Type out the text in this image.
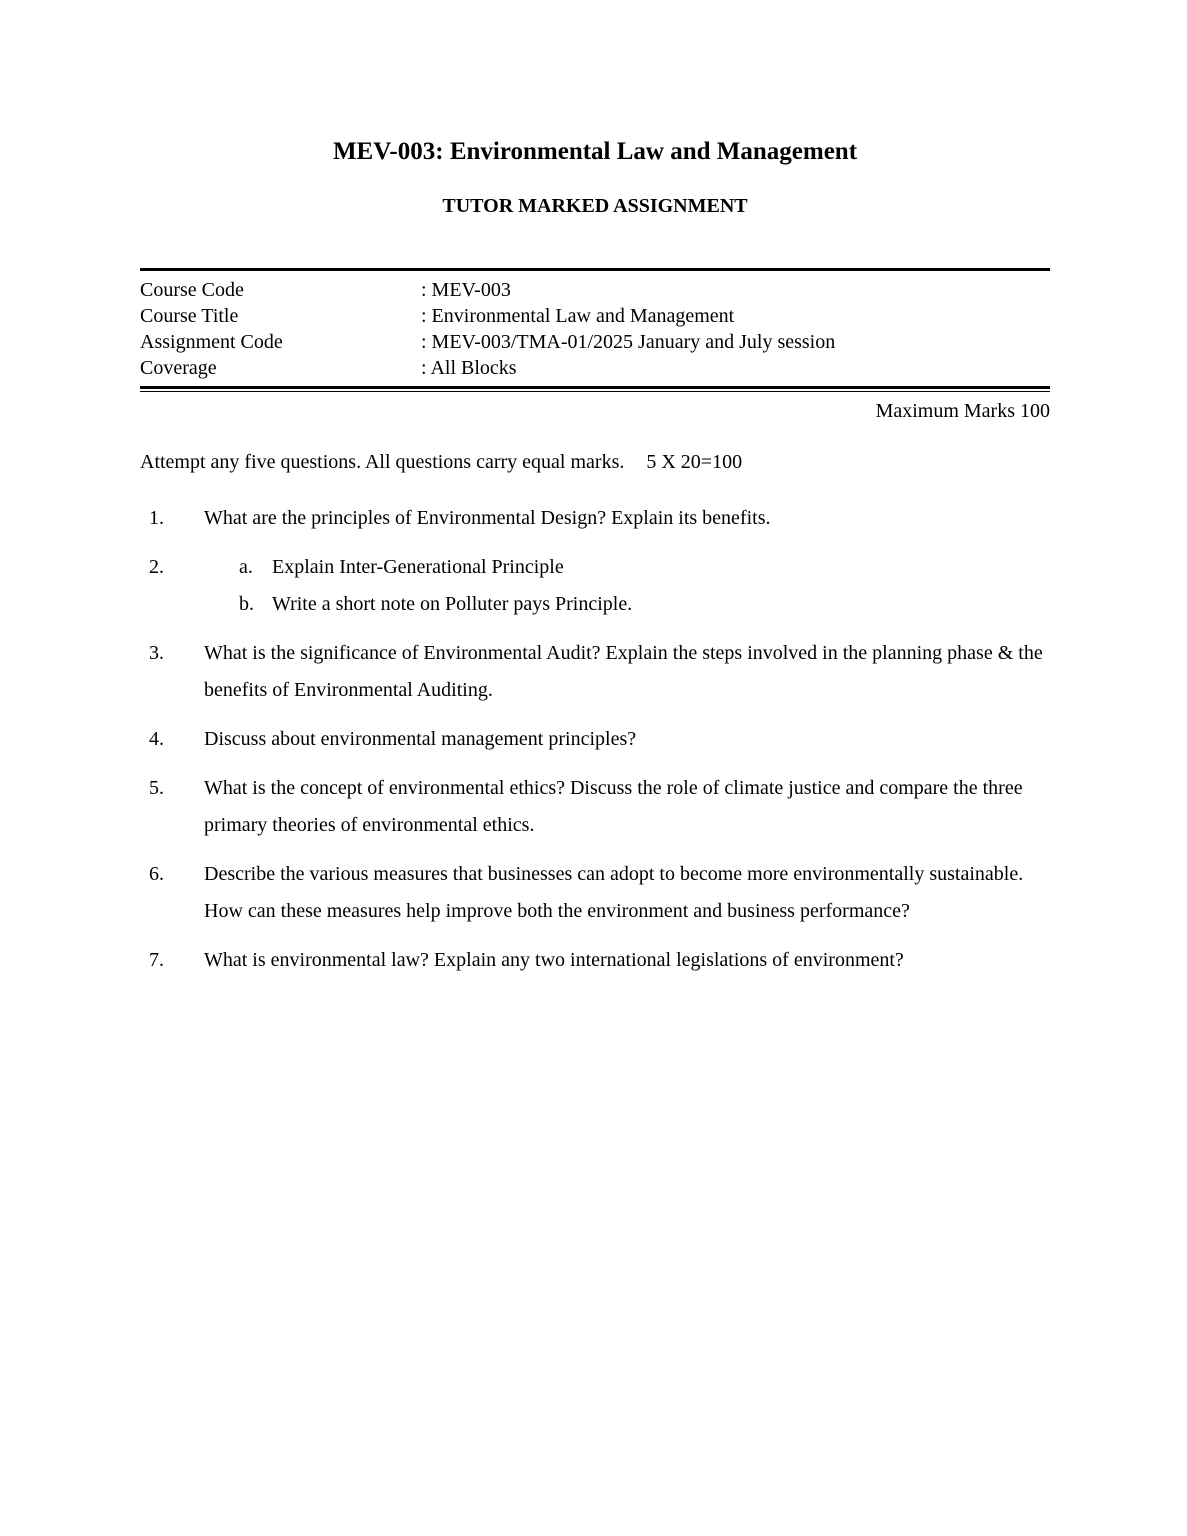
MEV-003: Environmental Law and Management
TUTOR MARKED ASSIGNMENT
Course Code	: MEV-003
Course Title	: Environmental Law and Management
Assignment Code	: MEV-003/TMA-01/2025 January and July session
Coverage	: All Blocks
Maximum Marks 100

Attempt any five questions. All questions carry equal marks. 5 X 20=100

1.	What are the principles of Environmental Design? Explain its benefits.
2.	a. Explain Inter-Generational Principle
b. Write a short note on Polluter pays Principle.
3.	What is the significance of Environmental Audit? Explain the steps involved in the planning phase & the benefits of Environmental Auditing.
4.	Discuss about environmental management principles?
5.	What is the concept of environmental ethics? Discuss the role of climate justice and compare the three primary theories of environmental ethics.
6.	Describe the various measures that businesses can adopt to become more environmentally sustainable. How can these measures help improve both the environment and business performance?
7.	What is environmental law? Explain any two international legislations of environment?
